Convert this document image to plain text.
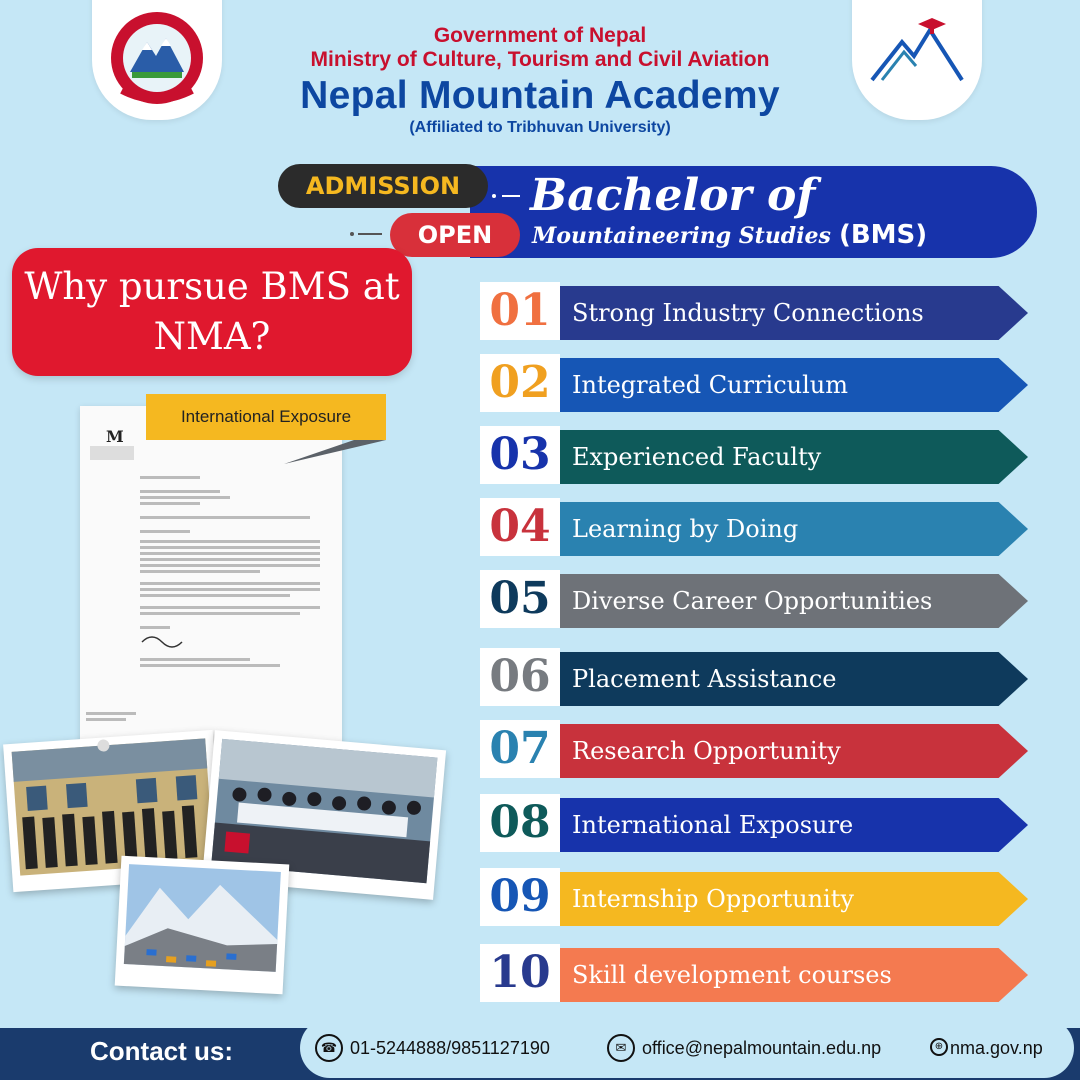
Government of Nepal
Ministry of Culture, Tourism and Civil Aviation
Nepal Mountain Academy
(Affiliated to Tribhuvan University)
ADMISSION
OPEN
Bachelor of
Mountaineering Studies (BMS)
Why pursue BMS at NMA?
M
International Exposure
01 Strong Industry Connections
02 Integrated Curriculum
03 Experienced Faculty
04 Learning by Doing
05 Diverse Career Opportunities
06 Placement Assistance
07 Research Opportunity
08 International Exposure
09 Internship Opportunity
10 Skill development courses
Contact us:	☎ 01-5244888/9851127190	✉ office@nepalmountain.edu.np	⊕ nma.gov.np
